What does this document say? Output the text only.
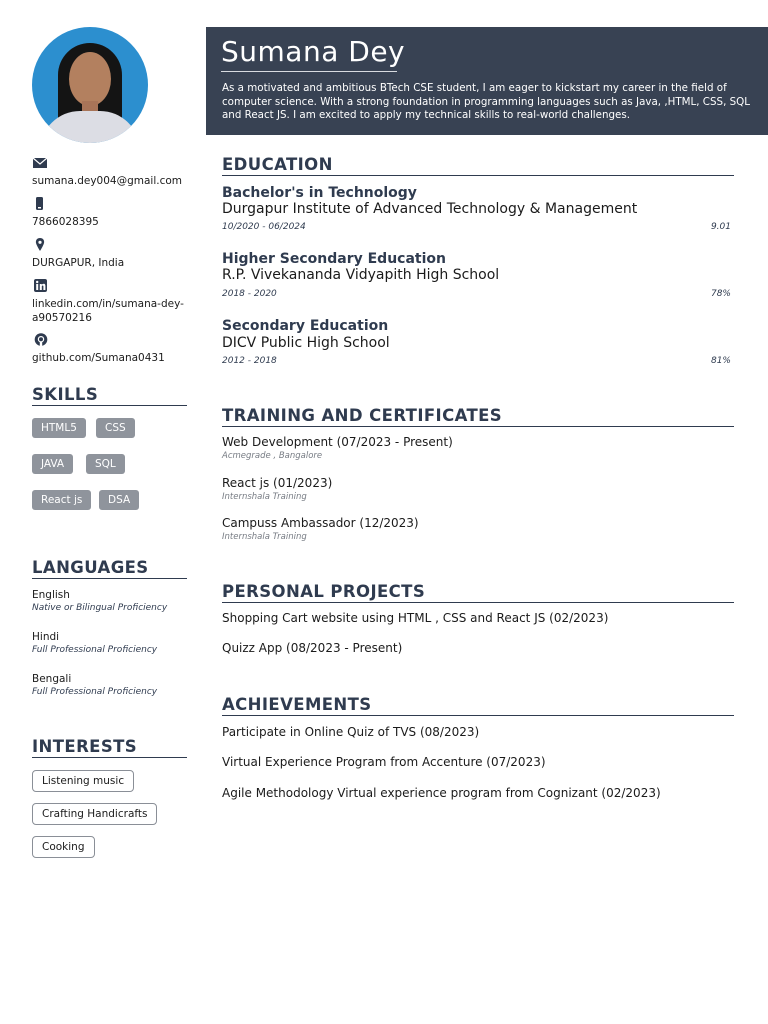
sumana.dey004@gmail.com
7866028395
DURGAPUR, India
linkedin.com/in/sumana-dey-a90570216
github.com/Sumana0431
SKILLS
HTML5	CSS
JAVA	SQL
React js	DSA
LANGUAGES
English
Native or Bilingual Proficiency
Hindi
Full Professional Proficiency
Bengali
Full Professional Proficiency
INTERESTS
Listening music
Crafting Handicrafts
Cooking
Sumana Dey
As a motivated and ambitious BTech CSE student, I am eager to kickstart my career in the field of computer science. With a strong foundation in programming languages such as Java, ,HTML, CSS, SQL and React JS. I am excited to apply my technical skills to real-world challenges.
EDUCATION
Bachelor's in Technology
Durgapur Institute of Advanced Technology & Management
10/2020 - 06/2024	9.01
Higher Secondary Education
R.P. Vivekananda Vidyapith High School
2018 - 2020	78%
Secondary Education
DICV Public High School
2012 - 2018	81%
TRAINING AND CERTIFICATES
Web Development (07/2023 - Present)
Acmegrade , Bangalore
React js (01/2023)
Internshala Training
Campuss Ambassador (12/2023)
Internshala Training
PERSONAL PROJECTS
Shopping Cart website using HTML , CSS and React JS (02/2023)
Quizz App (08/2023 - Present)
ACHIEVEMENTS
Participate in Online Quiz of TVS (08/2023)
Virtual Experience Program from Accenture (07/2023)
Agile Methodology Virtual experience program from Cognizant (02/2023)
